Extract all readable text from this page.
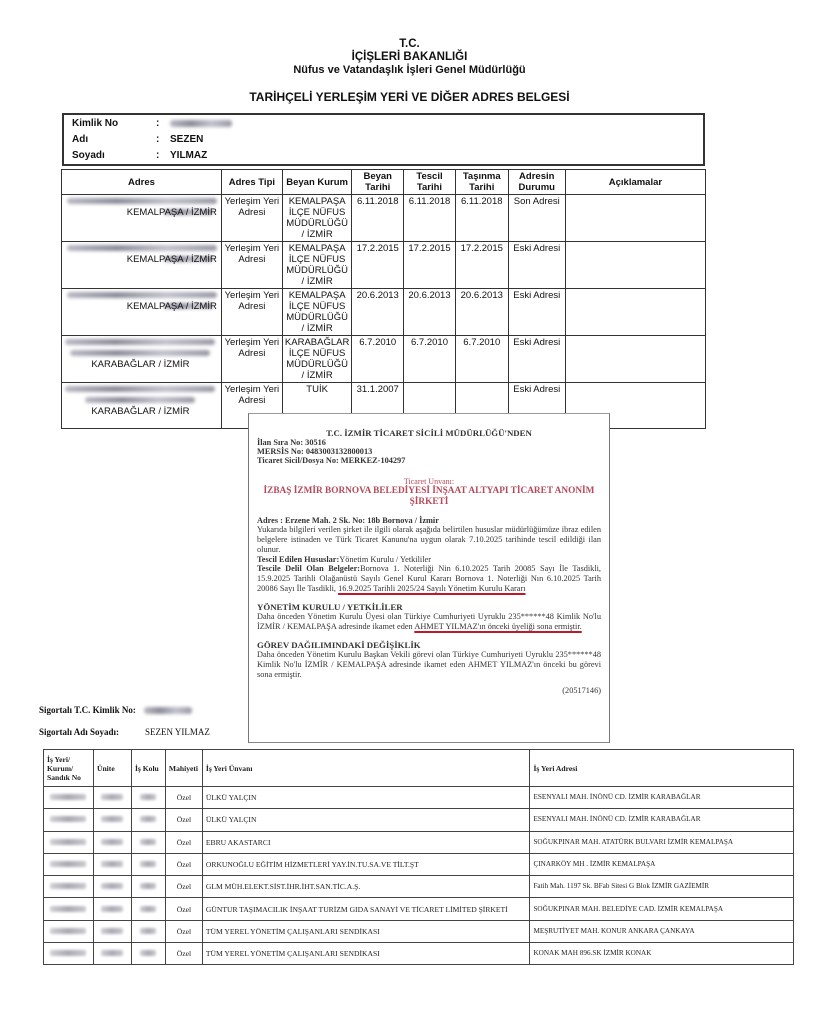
T.C.
İÇİŞLERİ BAKANLIĞI
Nüfus ve Vatandaşlık İşleri Genel Müdürlüğü
TARİHÇELİ YERLEŞİM YERİ VE DİĞER ADRES BELGESİ
Kimlik No	:
Adı	: SEZEN
Soyadı	: YILMAZ
Adres	Adres Tipi	Beyan Kurum	Beyan Tarihi	Tescil Tarihi	Taşınma Tarihi	Adresin Durumu	Açıklamalar

KEMALPAŞA / İZMİR	Yerleşim Yeri Adresi	KEMALPAŞA İLÇE NÜFUS MÜDÜRLÜĞÜ / İZMİR	6.11.2018	6.11.2018	6.11.2018	Son Adresi	

KEMALPAŞA / İZMİR	Yerleşim Yeri Adresi	KEMALPAŞA İLÇE NÜFUS MÜDÜRLÜĞÜ / İZMİR	17.2.2015	17.2.2015	17.2.2015	Eski Adresi	

KEMALPAŞA / İZMİR	Yerleşim Yeri Adresi	KEMALPAŞA İLÇE NÜFUS MÜDÜRLÜĞÜ / İZMİR	20.6.2013	20.6.2013	20.6.2013	Eski Adresi	

KARABAĞLAR / İZMİR	Yerleşim Yeri Adresi	KARABAĞLAR İLÇE NÜFUS MÜDÜRLÜĞÜ / İZMİR	6.7.2010	6.7.2010	6.7.2010	Eski Adresi	

KARABAĞLAR / İZMİR	Yerleşim Yeri Adresi	TUİK	31.1.2007			Eski Adresi	
T.C. İZMİR TİCARET SİCİLİ MÜDÜRLÜĞÜ'NDEN
İlan Sıra No: 30516
MERSİS No: 0483003132800013
Ticaret Sicil/Dosya No: MERKEZ-104297
Ticaret Unvanı:
İZBAŞ İZMİR BORNOVA BELEDİYESİ İNŞAAT ALTYAPI TİCARET ANONİM ŞİRKETİ
Adres : Erzene Mah. 2 Sk. No: 18b Bornova / İzmir
Yukarıda bilgileri verilen şirket ile ilgili olarak aşağıda belirtilen hususlar müdürlüğümüze ibraz edilen belgelere istinaden ve Türk Ticaret Kanunu'na uygun olarak 7.10.2025 tarihinde tescil edildiği ilan olunur.
Tescil Edilen Hususlar:Yönetim Kurulu / Yetkililer
Tescile Delil Olan Belgeler:Bornova 1. Noterliği Nin 6.10.2025 Tarih 20085 Sayı İle Tasdikli, 15.9.2025 Tarihli Olağanüstü Sayılı Genel Kurul Kararı Bornova 1. Noterliği Nın 6.10.2025 Tarih 20086 Sayı İle Tasdikli, 16.9.2025 Tarihli 2025/24 Sayılı Yönetim Kurulu Kararı
YÖNETİM KURULU / YETKİLİLER
Daha önceden Yönetim Kurulu Üyesi olan Türkiye Cumhuriyeti Uyruklu 235******48 Kimlik No'lu İZMİR / KEMALPAŞA adresinde ikamet eden AHMET YILMAZ'ın önceki üyeliği sona ermiştir.
GÖREV DAĞILIMINDAKİ DEĞİŞİKLİK
Daha önceden Yönetim Kurulu Başkan Vekili görevi olan Türkiye Cumhuriyeti Uyruklu 235******48 Kimlik No'lu İZMİR / KEMALPAŞA adresinde ikamet eden AHMET YILMAZ'ın önceki bu görevi sona ermiştir.
(20517146)
Sigortalı T.C. Kimlik No:
Sigortalı Adı Soyadı:	SEZEN YILMAZ
İş Yeri/ Kurum/ Sandık No	Ünite	İş Kolu	Mahiyeti	İş Yeri Ünvanı	İş Yeri Adresi
			Özel	ÜLKÜ YALÇIN	ESENYALI MAH. İNÖNÜ CD. İZMİR KARABAĞLAR
			Özel	ÜLKÜ YALÇIN	ESENYALI MAH. İNÖNÜ CD. İZMİR KARABAĞLAR
			Özel	EBRU AKASTARCI	SOĞUKPINAR MAH. ATATÜRK BULVARI İZMİR KEMALPAŞA
			Özel	ORKUNOĞLU EĞİTİM HİZMETLERİ YAY.İN.TU.SA.VE TİLT.ŞT	ÇINARKÖY MH . İZMİR KEMALPAŞA
			Özel	GLM MÜH.ELEKT.SİST.İHR.İHT.SAN.TİC.A.Ş.	Fatih Mah. 1197 Sk. BFab Sitesi G Blok İZMİR GAZİEMİR
			Özel	GÜNTUR TAŞIMACILIK İNŞAAT TURİZM GIDA SANAYİ VE TİCARET LİMİTED ŞİRKETİ	SOĞUKPINAR MAH. BELEDİYE CAD. İZMİR KEMALPAŞA
			Özel	TÜM YEREL YÖNETİM ÇALIŞANLARI SENDİKASI	MEŞRUTİYET MAH. KONUR ANKARA ÇANKAYA
			Özel	TÜM YEREL YÖNETİM ÇALIŞANLARI SENDİKASI	KONAK MAH 896.SK İZMİR KONAK
